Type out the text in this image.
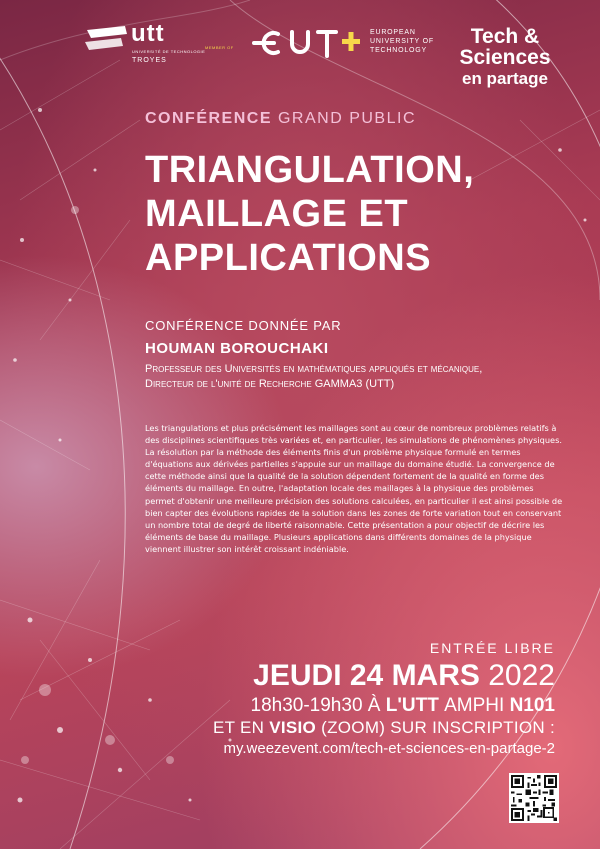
utt
UNIVERSITÉ DE TECHNOLOGIE
TROYES
MEMBER OF
EUROPEAN
UNIVERSITY OF
TECHNOLOGY
Tech &
Sciences
en partage
CONFÉRENCE GRAND PUBLIC
TRIANGULATION,
MAILLAGE ET
APPLICATIONS
CONFÉRENCE DONNÉE PAR
HOUMAN BOROUCHAKI
Professeur des Universités en mathématiques appliqués et mécanique,
Directeur de l'unité de Recherche GAMMA3 (UTT)
Les triangulations et plus précisément les maillages sont au cœur de nombreux problèmes relatifs à des disciplines scientifiques très variées et, en particulier, les simulations de phénomènes physiques. La résolution par la méthode des éléments finis d'un problème physique formulé en termes d'équations aux dérivées partielles s'appuie sur un maillage du domaine étudié. La convergence de cette méthode ainsi que la qualité de la solution dépendent fortement de la qualité en forme des éléments du maillage. En outre, l'adaptation locale des maillages à la physique des problèmes permet d'obtenir une meilleure précision des solutions calculées, en particulier il est ainsi possible de bien capter des évolutions rapides de la solution dans les zones de forte variation tout en conservant un nombre total de degré de liberté raisonnable. Cette présentation a pour objectif de décrire les éléments de base du maillage. Plusieurs applications dans différents domaines de la physique viennent illustrer son intérêt croissant indéniable.
ENTRÉE LIBRE
JEUDI 24 MARS 2022
18h30-19h30 À L'UTT AMPHI N101
ET EN VISIO (ZOOM) SUR INSCRIPTION :
my.weezevent.com/tech-et-sciences-en-partage-2
